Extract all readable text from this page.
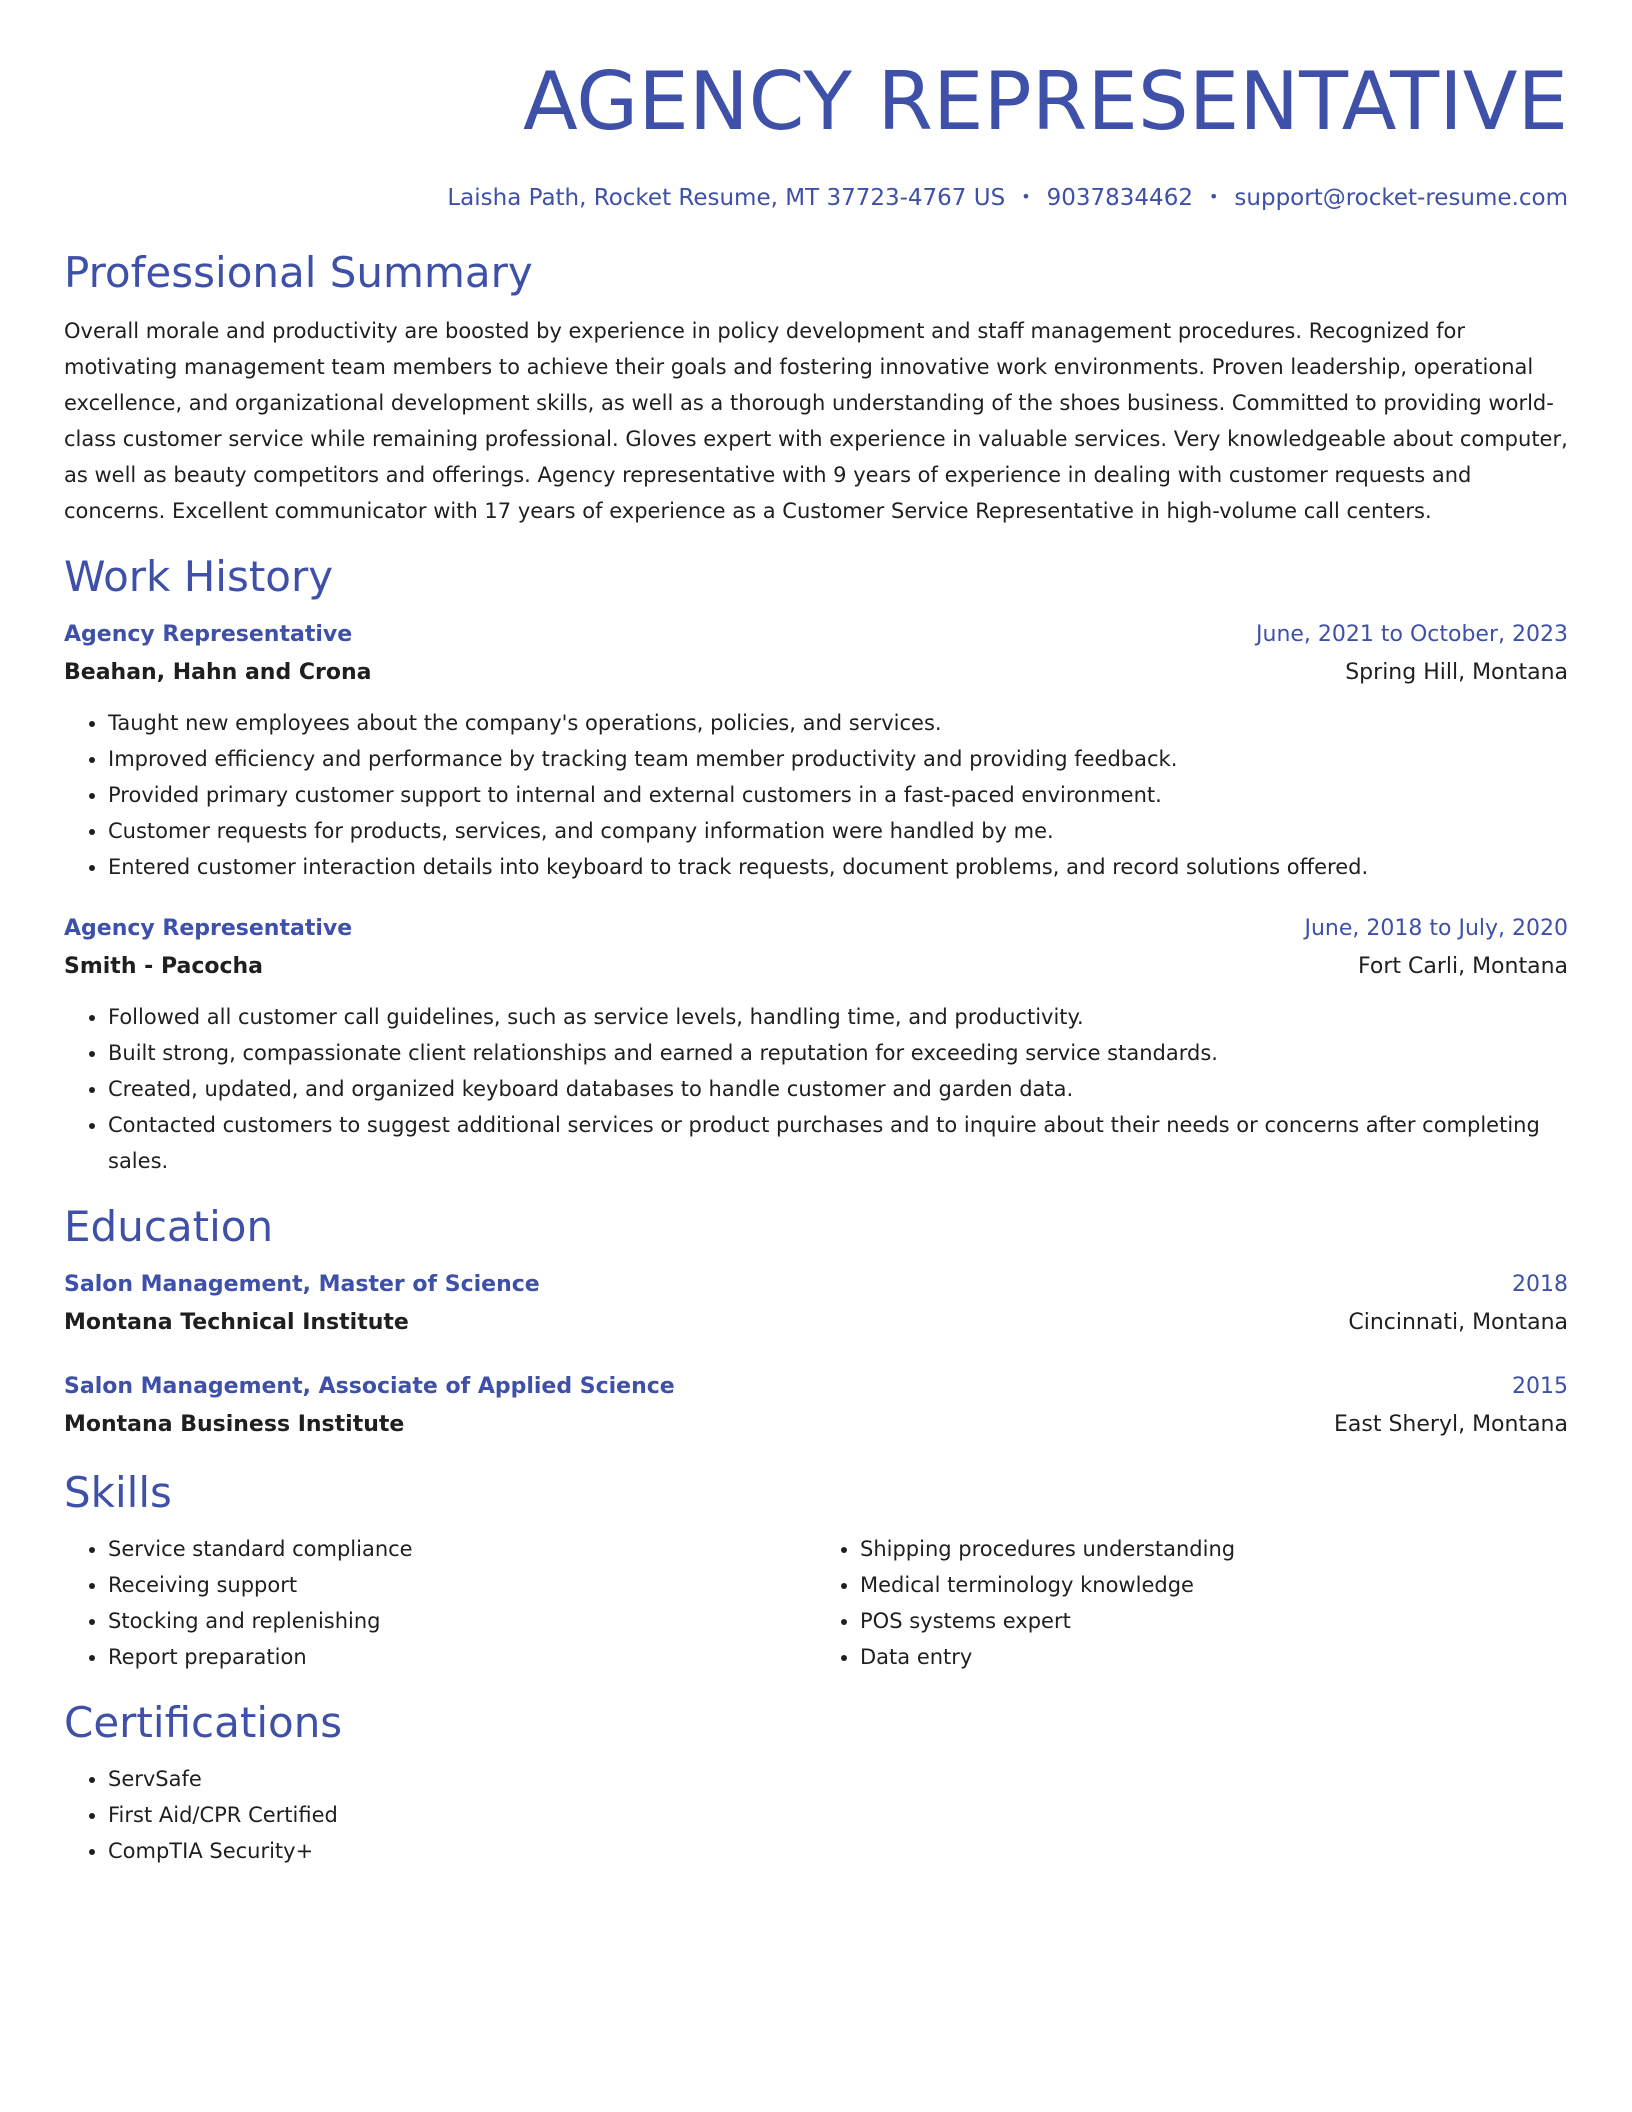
AGENCY REPRESENTATIVE
Laisha Path, Rocket Resume, MT 37723-4767 US • 9037834462 • support@rocket-resume.com
Professional Summary
Overall morale and productivity are boosted by experience in policy development and staff management procedures. Recognized for motivating management team members to achieve their goals and fostering innovative work environments. Proven leadership, operational excellence, and organizational development skills, as well as a thorough understanding of the shoes business. Committed to providing world-class customer service while remaining professional. Gloves expert with experience in valuable services. Very knowledgeable about computer, as well as beauty competitors and offerings. Agency representative with 9 years of experience in dealing with customer requests and concerns. Excellent communicator with 17 years of experience as a Customer Service Representative in high-volume call centers.
Work History
Agency Representative	June, 2021 to October, 2023
Beahan, Hahn and Crona	Spring Hill, Montana
• Taught new employees about the company's operations, policies, and services.
• Improved efficiency and performance by tracking team member productivity and providing feedback.
• Provided primary customer support to internal and external customers in a fast-paced environment.
• Customer requests for products, services, and company information were handled by me.
• Entered customer interaction details into keyboard to track requests, document problems, and record solutions offered.
Agency Representative	June, 2018 to July, 2020
Smith - Pacocha	Fort Carli, Montana
• Followed all customer call guidelines, such as service levels, handling time, and productivity.
• Built strong, compassionate client relationships and earned a reputation for exceeding service standards.
• Created, updated, and organized keyboard databases to handle customer and garden data.
• Contacted customers to suggest additional services or product purchases and to inquire about their needs or concerns after completing sales.
Education
Salon Management, Master of Science	2018
Montana Technical Institute	Cincinnati, Montana
Salon Management, Associate of Applied Science	2015
Montana Business Institute	East Sheryl, Montana
Skills
• Service standard compliance
• Receiving support
• Stocking and replenishing
• Report preparation
• Shipping procedures understanding
• Medical terminology knowledge
• POS systems expert
• Data entry
Certifications
• ServSafe
• First Aid/CPR Certified
• CompTIA Security+
